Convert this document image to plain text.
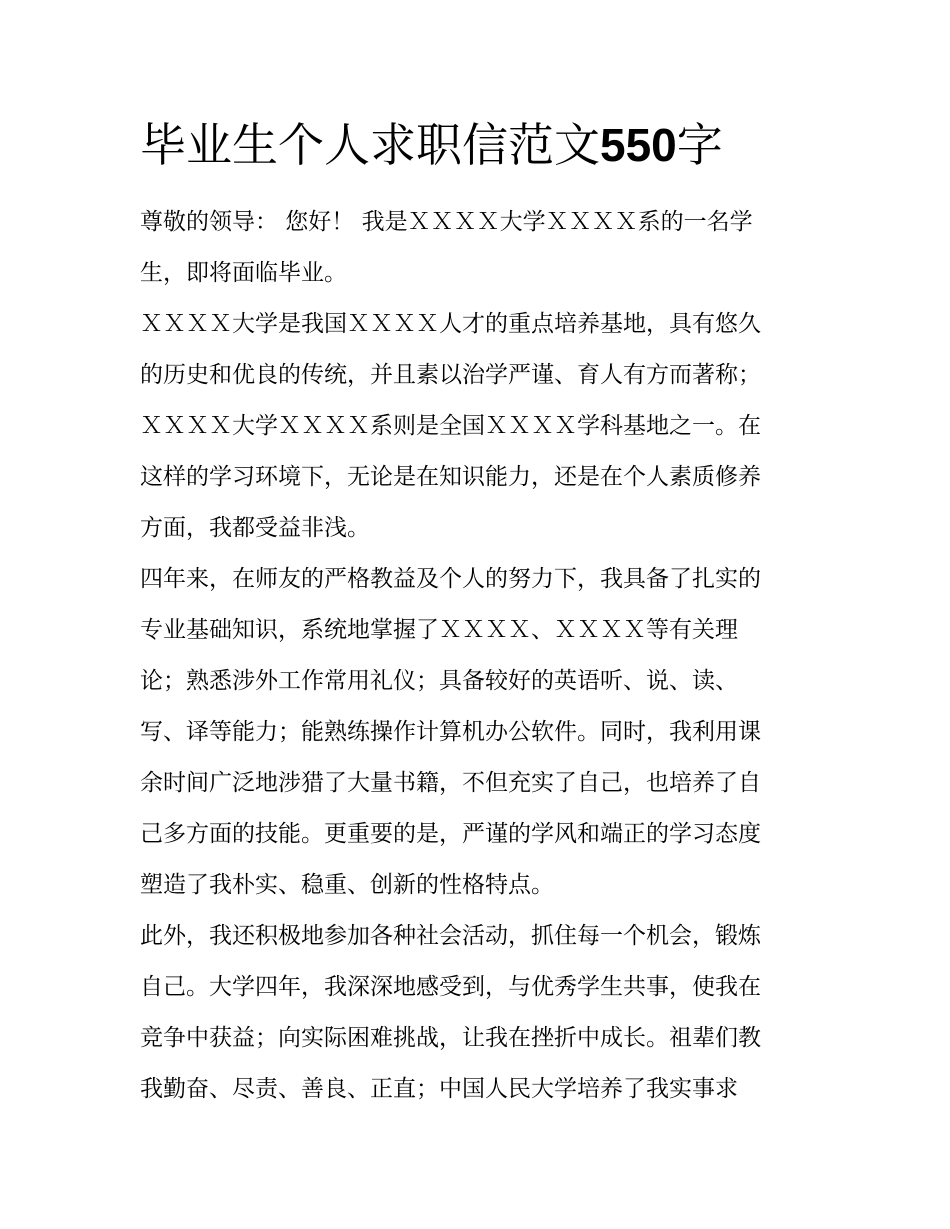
毕业生个人求职信范文550字
尊敬的领导： 您好！ 我是ＸＸＸＸ大学ＸＸＸＸ系的一名学
生，即将面临毕业。
ＸＸＸＸ大学是我国ＸＸＸＸ人才的重点培养基地，具有悠久
的历史和优良的传统，并且素以治学严谨、育人有方而著称；
ＸＸＸＸ大学ＸＸＸＸ系则是全国ＸＸＸＸ学科基地之一。在
这样的学习环境下，无论是在知识能力，还是在个人素质修养
方面，我都受益非浅。
四年来，在师友的严格教益及个人的努力下，我具备了扎实的
专业基础知识，系统地掌握了ＸＸＸＸ、ＸＸＸＸ等有关理
论；熟悉涉外工作常用礼仪；具备较好的英语听、说、读、
写、译等能力；能熟练操作计算机办公软件。同时，我利用课
余时间广泛地涉猎了大量书籍，不但充实了自己，也培养了自
己多方面的技能。更重要的是，严谨的学风和端正的学习态度
塑造了我朴实、稳重、创新的性格特点。
此外，我还积极地参加各种社会活动，抓住每一个机会，锻炼
自己。大学四年，我深深地感受到，与优秀学生共事，使我在
竞争中获益；向实际困难挑战，让我在挫折中成长。祖辈们教
我勤奋、尽责、善良、正直；中国人民大学培养了我实事求
